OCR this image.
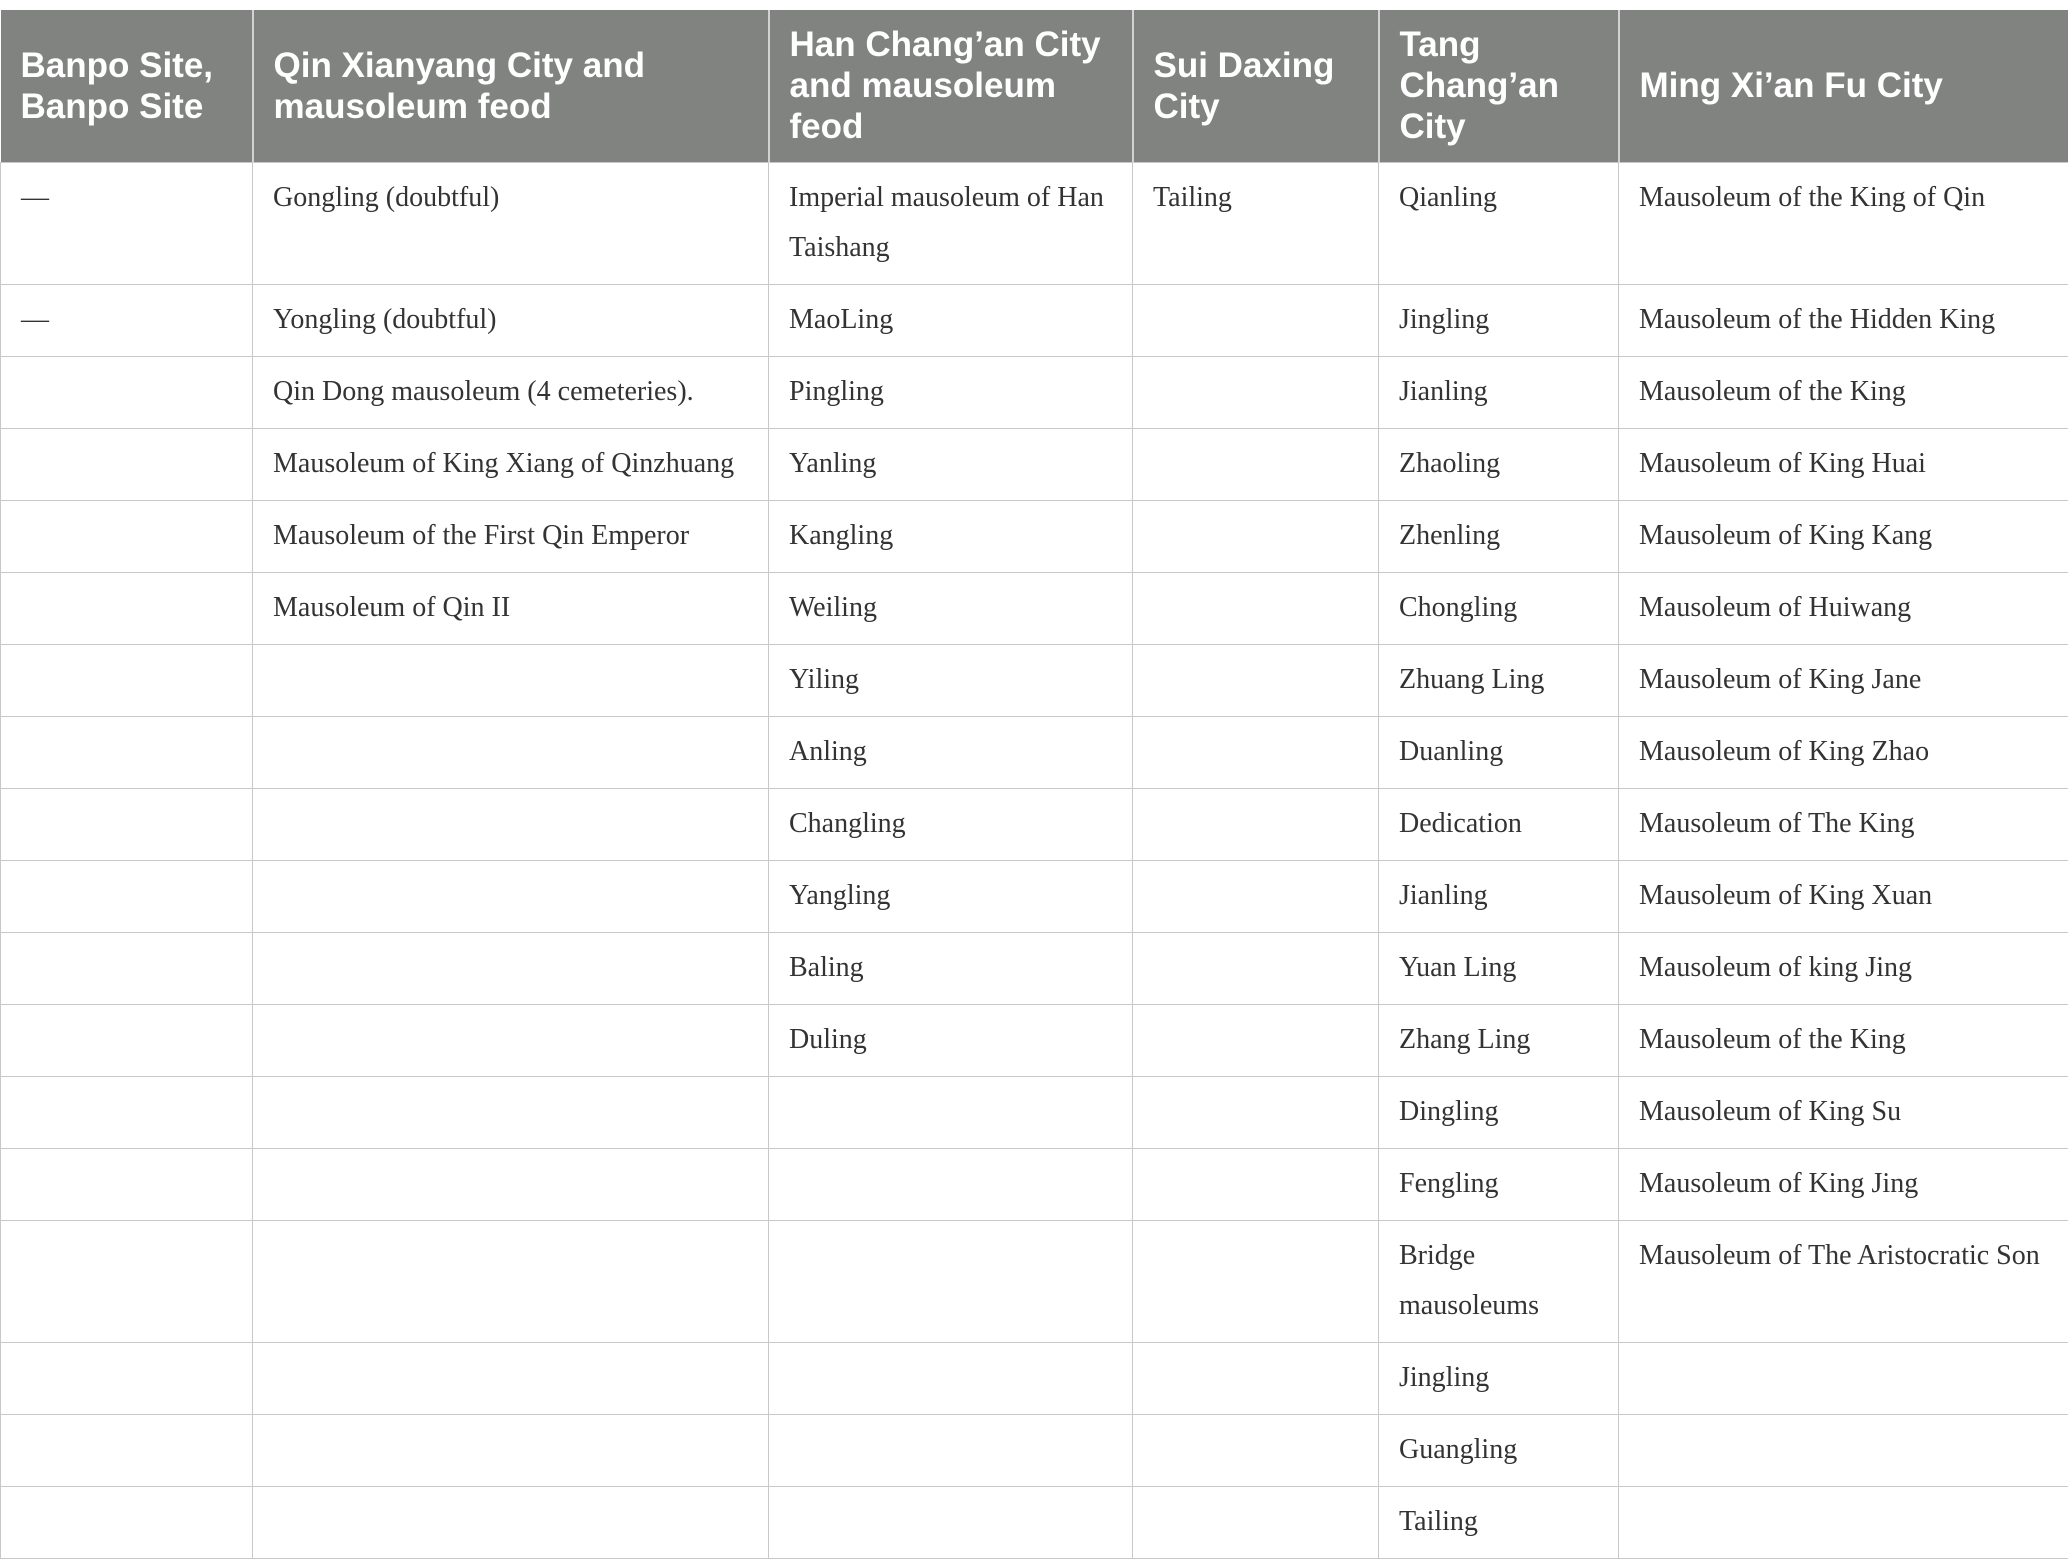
Banpo Site, Banpo Site	Qin Xianyang City and mausoleum feod	Han Chang’an City and mausoleum feod	Sui Daxing City	Tang Chang’an City	Ming Xi’an Fu City
—	Gongling (doubtful)	Imperial mausoleum of Han Taishang	Tailing	Qianling	Mausoleum of the King of Qin
—	Yongling (doubtful)	MaoLing		Jingling	Mausoleum of the Hidden King
	Qin Dong mausoleum (4 cemeteries).	Pingling		Jianling	Mausoleum of the King
	Mausoleum of King Xiang of Qinzhuang	Yanling		Zhaoling	Mausoleum of King Huai
	Mausoleum of the First Qin Emperor	Kangling		Zhenling	Mausoleum of King Kang
	Mausoleum of Qin II	Weiling		Chongling	Mausoleum of Huiwang
		Yiling		Zhuang Ling	Mausoleum of King Jane
		Anling		Duanling	Mausoleum of King Zhao
		Changling		Dedication	Mausoleum of The King
		Yangling		Jianling	Mausoleum of King Xuan
		Baling		Yuan Ling	Mausoleum of king Jing
		Duling		Zhang Ling	Mausoleum of the King
				Dingling	Mausoleum of King Su
				Fengling	Mausoleum of King Jing
				Bridge mausoleums	Mausoleum of The Aristocratic Son
				Jingling	
				Guangling	
				Tailing	
